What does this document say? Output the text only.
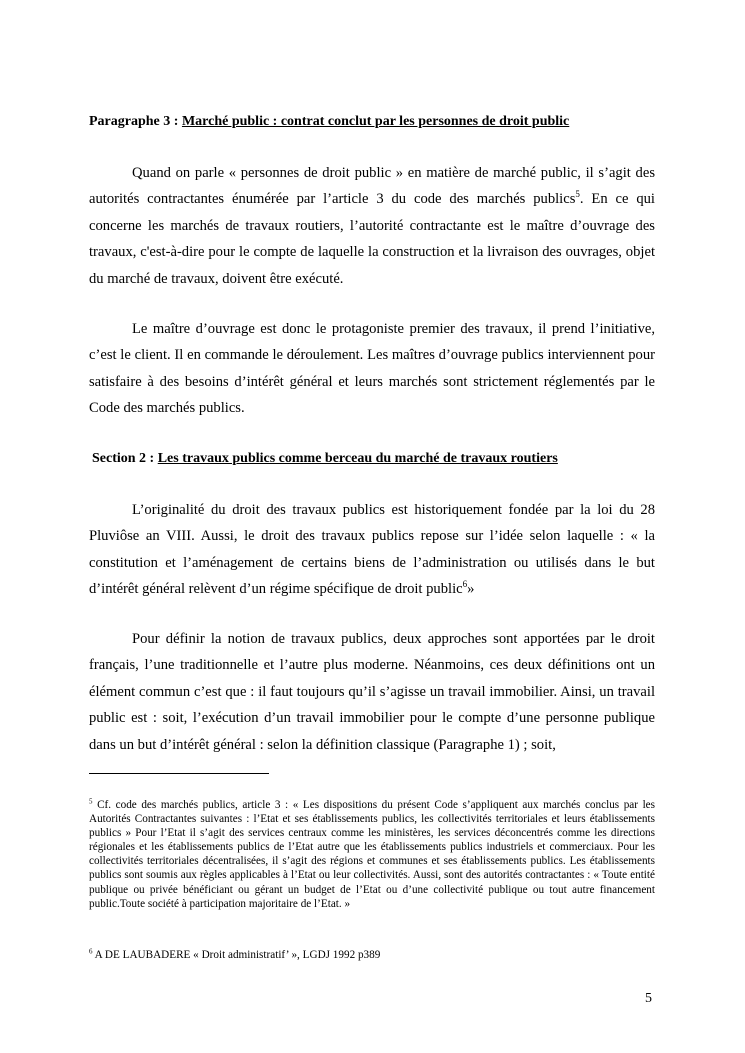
Paragraphe 3 : Marché public : contrat conclut par les personnes de droit public

Quand on parle « personnes de droit public » en matière de marché public, il s’agit des autorités contractantes énumérée par l’article 3 du code des marchés publics$^5$. En ce qui concerne les marchés de travaux routiers, l’autorité contractante est le maître d’ouvrage des travaux, c'est-à-dire pour le compte de laquelle la construction et la livraison des ouvrages, objet du marché de travaux, doivent être exécuté.

Le maître d’ouvrage est donc le protagoniste premier des travaux, il prend l’initiative, c’est le client. Il en commande le déroulement. Les maîtres d’ouvrage publics interviennent pour satisfaire à des besoins d’intérêt général et leurs marchés sont strictement réglementés par le Code des marchés publics.

Section 2 : Les travaux publics comme berceau du marché de travaux routiers

L’originalité du droit des travaux publics est historiquement fondée par la loi du 28 Pluviôse an VIII. Aussi, le droit des travaux publics repose sur l’idée selon laquelle : « la constitution et l’aménagement de certains biens de l’administration ou utilisés dans le but d’intérêt général relèvent d’un régime spécifique de droit public$^6$»

Pour définir la notion de travaux publics, deux approches sont apportées par le droit français, l’une traditionnelle et l’autre plus moderne. Néanmoins, ces deux définitions ont un élément commun c’est que : il faut toujours qu’il s’agisse un travail immobilier. Ainsi, un travail public est : soit, l’exécution d’un travail immobilier pour le compte d’une personne publique dans un but d’intérêt général : selon la définition classique (Paragraphe 1) ; soit,

$^5$ Cf. code des marchés publics, article 3 : « Les dispositions du présent Code s’appliquent aux marchés conclus par les Autorités Contractantes suivantes : l’Etat et ses établissements publics, les collectivités territoriales et leurs établissements publics » Pour l’Etat il s’agit des services centraux comme les ministères, les services déconcentrés comme les directions régionales et les établissements publics de l’Etat autre que les établissements publics industriels et commerciaux. Pour les collectivités territoriales décentralisées, il s’agit des régions et communes et ses établissements publics. Les établissements publics sont soumis aux règles applicables à l’Etat ou leur collectivités. Aussi, sont des autorités contractantes : « Toute entité publique ou privée bénéficiant ou gérant un budget de l’Etat ou d’une collectivité publique ou tout autre financement public.Toute société à participation majoritaire de l’Etat. »

$^6$ A DE LAUBADERE « Droit administratif’ », LGDJ 1992 p389

5
